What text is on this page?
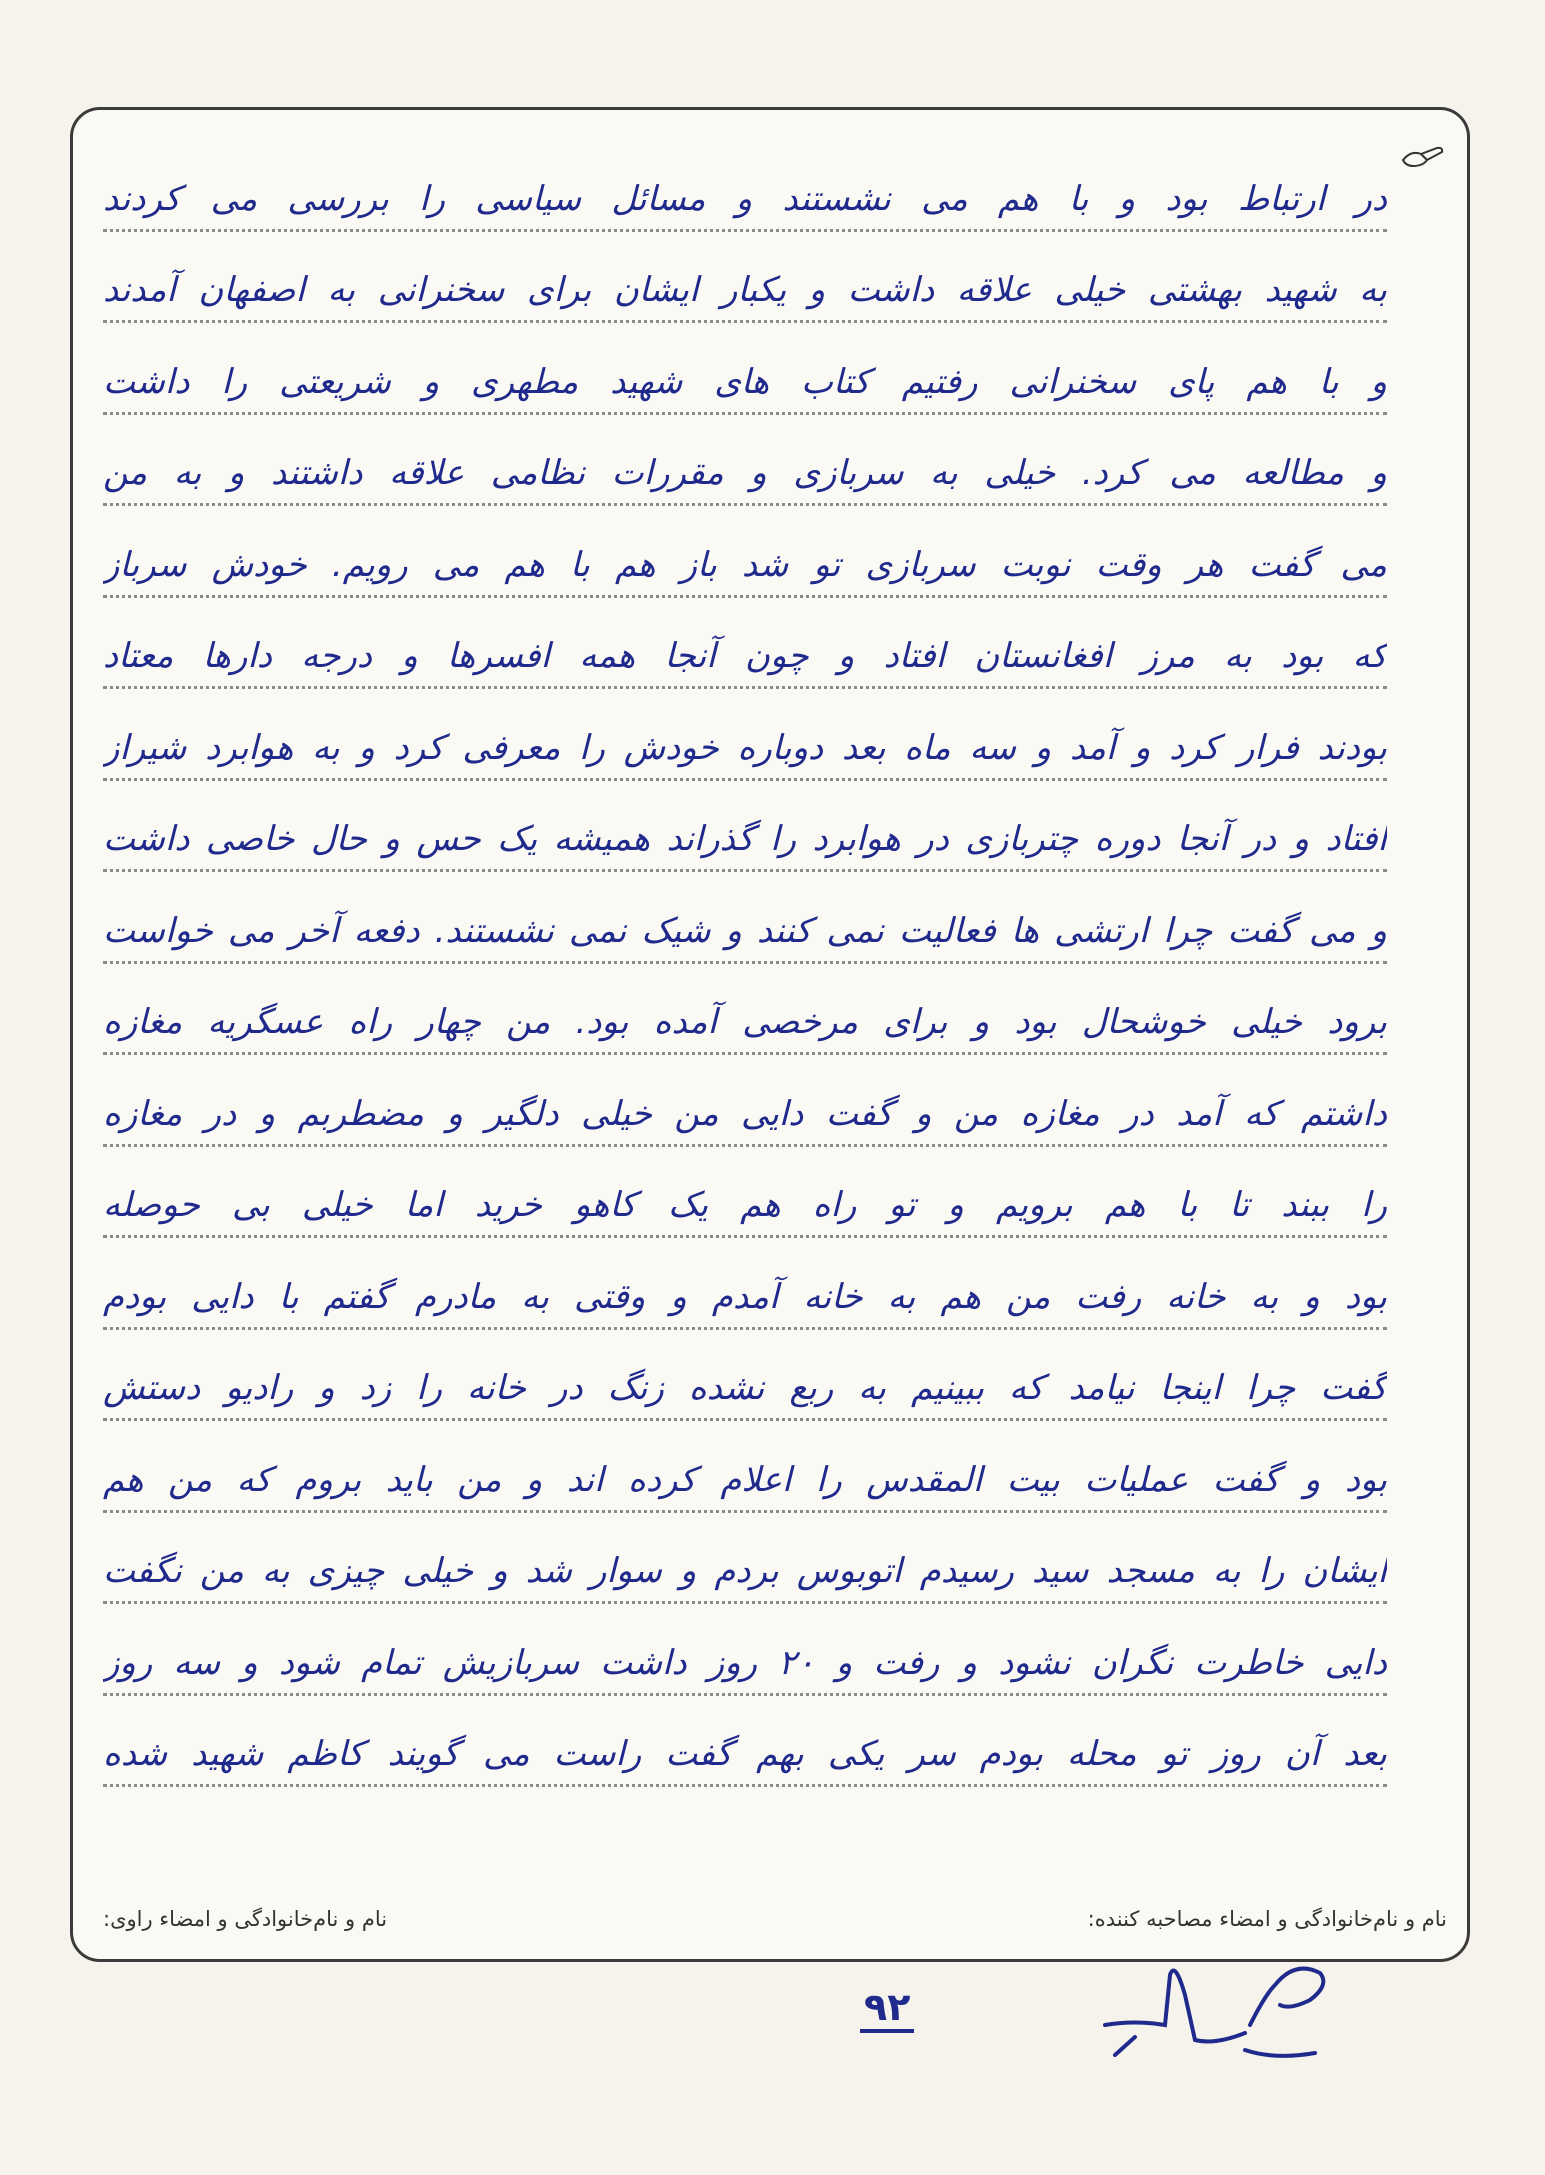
در ارتباط بود و با هم می نشستند و مسائل سیاسی را بررسی می کردند
به شهید بهشتی خیلی علاقه داشت و یکبار ایشان برای سخنرانی به اصفهان آمدند
و با هم پای سخنرانی رفتیم کتاب های شهید مطهری و شریعتی را داشت
و مطالعه می کرد. خیلی به سربازی و مقررات نظامی علاقه داشتند و به من
می گفت هر وقت نوبت سربازی تو شد باز هم با هم می رویم. خودش سرباز
که بود به مرز افغانستان افتاد و چون آنجا همه افسرها و درجه دارها معتاد
بودند فرار کرد و آمد و سه ماه بعد دوباره خودش را معرفی کرد و به هوابرد شیراز
افتاد و در آنجا دوره چتربازی در هوابرد را گذراند همیشه یک حس و حال خاصی داشت
و می گفت چرا ارتشی ها فعالیت نمی کنند و شیک نمی نشستند. دفعه آخر می خواست
برود خیلی خوشحال بود و برای مرخصی آمده بود. من چهار راه عسگریه مغازه
داشتم که آمد در مغازه من و گفت دایی من خیلی دلگیر و مضطربم و در مغازه
را ببند تا با هم برویم و تو راه هم یک کاهو خرید اما خیلی بی حوصله
بود و به خانه رفت من هم به خانه آمدم و وقتی به مادرم گفتم با دایی بودم
گفت چرا اینجا نیامد که ببینیم به ربع نشده زنگ در خانه را زد و رادیو دستش
بود و گفت عملیات بیت المقدس را اعلام کرده اند و من باید بروم که من هم
ایشان را به مسجد سید رسیدم اتوبوس بردم و سوار شد و خیلی چیزی به من نگفت
دایی خاطرت نگران نشود و رفت و ۲۰ روز داشت سربازیش تمام شود و سه روز
بعد آن روز تو محله بودم سر یکی بهم گفت راست می گویند کاظم شهید شده
نام و نام‌خانوادگی و امضاء مصاحبه کننده:
نام و نام‌خانوادگی و امضاء راوی:
۹۲
